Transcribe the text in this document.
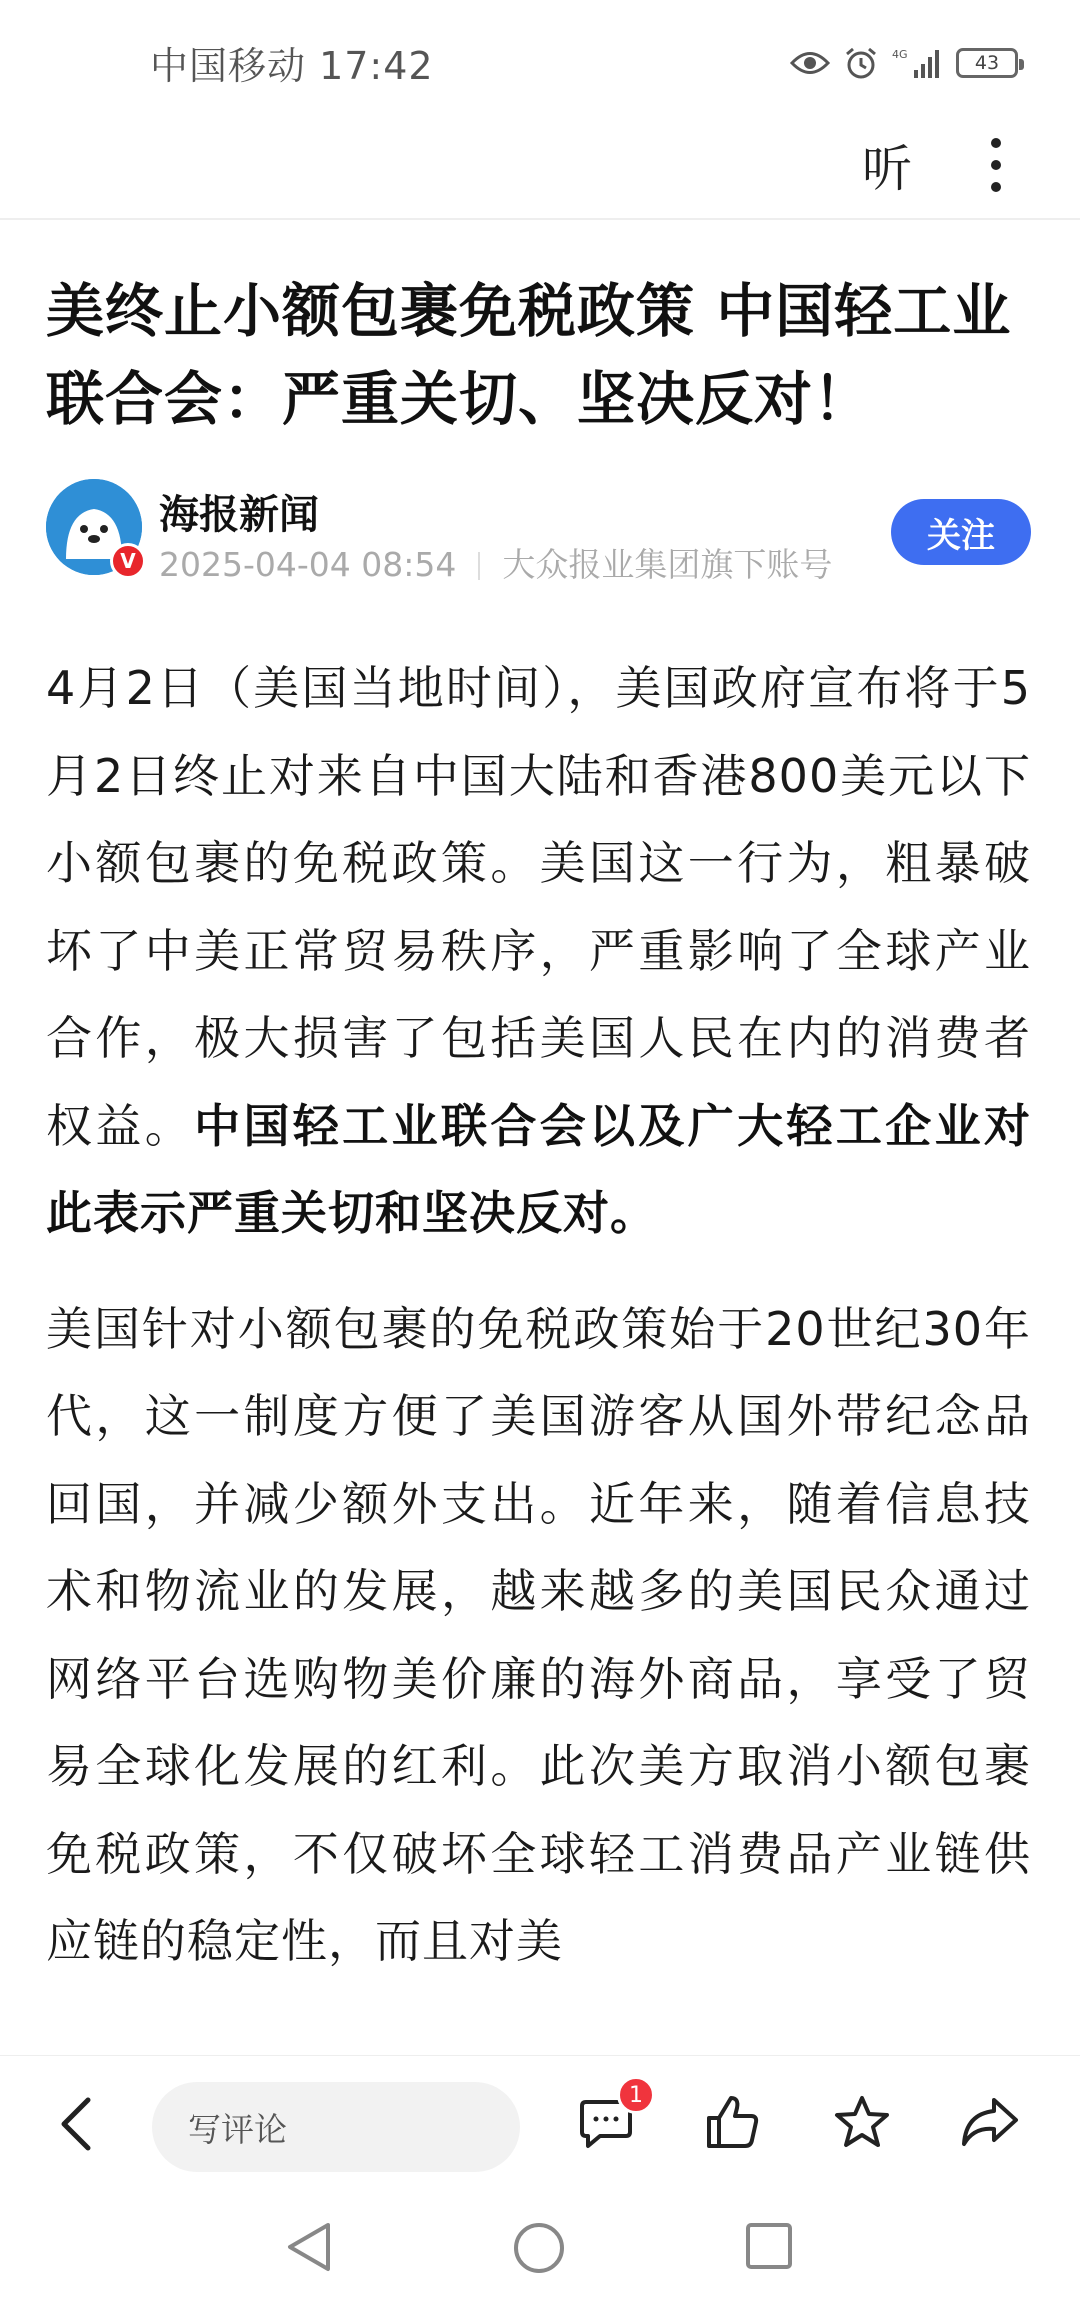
中国移动 17:42	4G	43
听
美终止小额包裹免税政策 中国轻工业联合会：严重关切、坚决反对！
V
海报新闻
2025-04-04 08:54 大众报业集团旗下账号
关注

4月2日（美国当地时间），美国政府宣布将于5月2日终止对来自中国大陆和香港800美元以下小额包裹的免税政策。美国这一行为，粗暴破坏了中美正常贸易秩序，严重影响了全球产业合作，极大损害了包括美国人民在内的消费者权益。中国轻工业联合会以及广大轻工企业对此表示严重关切和坚决反对。

美国针对小额包裹的免税政策始于20世纪30年代，这一制度方便了美国游客从国外带纪念品回国，并减少额外支出。近年来，随着信息技术和物流业的发展，越来越多的美国民众通过网络平台选购物美价廉的海外商品，享受了贸易全球化发展的红利。此次美方取消小额包裹免税政策，不仅破坏全球轻工消费品产业链供应链的稳定性，而且对美

写评论
1
